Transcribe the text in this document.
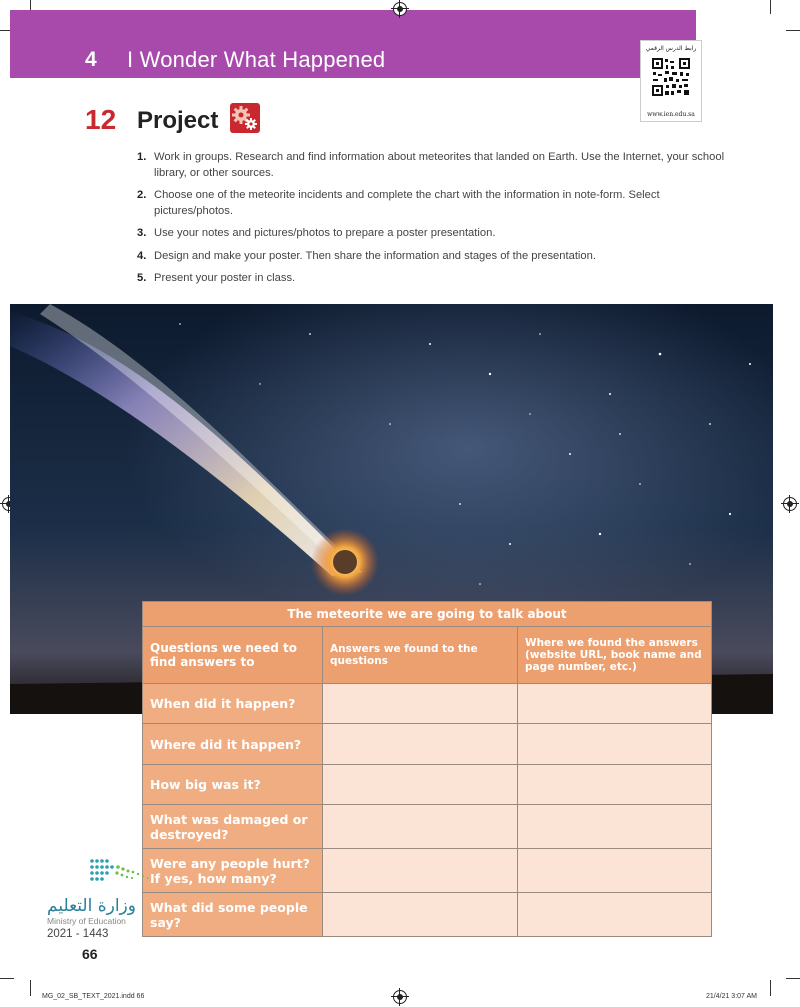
4 I Wonder What Happened	رابط الدرس الرقمي
www.ien.edu.sa
12 Project
1. Work in groups. Research and find information about meteorites that landed on Earth. Use the Internet, your school library, or other sources.
2. Choose one of the meteorite incidents and complete the chart with the information in note-form. Select pictures/photos.
3. Use your notes and pictures/photos to prepare a poster presentation.
4. Design and make your poster. Then share the information and stages of the presentation.
5. Present your poster in class.
The meteorite we are going to talk about		
Questions we need to find answers to	Answers we found to the questions	Where we found the answers (website URL, book name and page number, etc.)
When did it happen?		
Where did it happen?		
How big was it?		
What was damaged or destroyed?		
Were any people hurt? If yes, how many?		
What did some people say?		
وزارة التعليم
Ministry of Education
2021 - 1443
66
MG_02_SB_TEXT_2021.indd 66	21/4/21 3:07 AM
